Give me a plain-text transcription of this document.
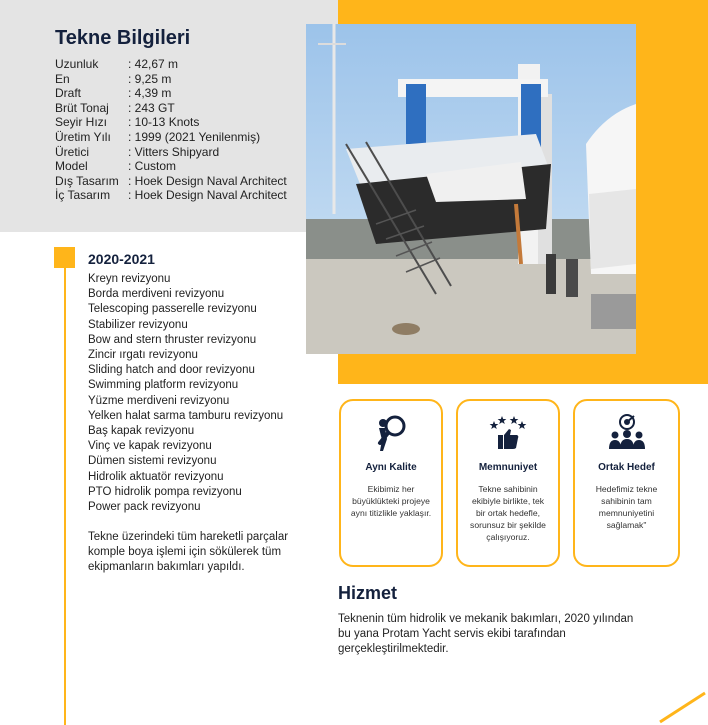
Tekne Bilgileri
Uzunluk	: 42,67 m
En	: 9,25 m
Draft	: 4,39 m
Brüt Tonaj	: 243 GT
Seyir Hızı	: 10-13 Knots
Üretim Yılı	: 1999 (2021 Yenilenmiş)
Üretici	: Vitters Shipyard
Model	: Custom
Dış Tasarım	: Hoek Design Naval Architect
İç Tasarım	: Hoek Design Naval Architect
2020-2021
Kreyn revizyonu
Borda merdiveni revizyonu
Telescoping passerelle revizyonu
Stabilizer revizyonu
Bow and stern thruster revizyonu
Zincir ırgatı revizyonu
Sliding hatch and door revizyonu
Swimming platform revizyonu
Yüzme merdiveni revizyonu
Yelken halat sarma tamburu revizyonu
Baş kapak revizyonu
Vinç ve kapak revizyonu
Dümen sistemi revizyonu
Hidrolik aktuatör revizyonu
PTO hidrolik pompa revizyonu
Power pack revizyonu

Tekne üzerindeki tüm hareketli parçalar komple boya işlemi için sökülerek tüm ekipmanların bakımları yapıldı.

Aynı Kalite
Ekibimiz her büyüklükteki projeye aynı titizlikle yaklaşır.
Memnuniyet
Tekne sahibinin ekibiyle birlikte, tek bir ortak hedefle, sorunsuz bir şekilde çalışıyoruz.
Ortak Hedef
Hedefimiz tekne sahibinin tam memnuniyetini sağlamak"
Hizmet

Teknenin tüm hidrolik ve mekanik bakımları, 2020 yılından bu yana Protam Yacht servis ekibi tarafından gerçekleştirilmektedir.
